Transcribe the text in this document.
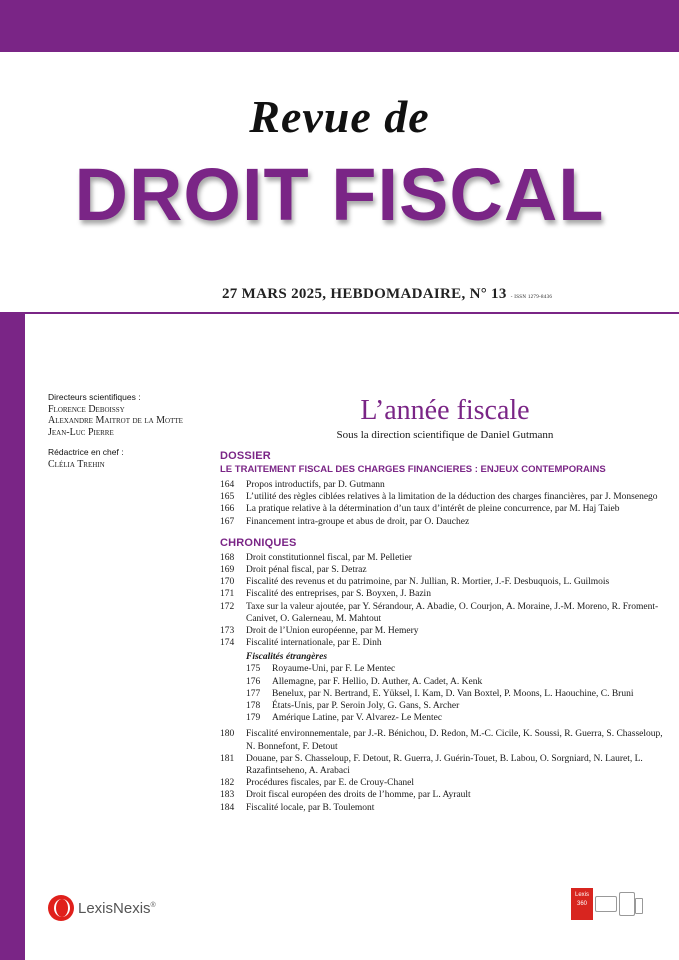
Revue de
DROIT FISCAL
27 MARS 2025, HEBDOMADAIRE, N° 13 - ISSN 1279-8436
Directeurs scientifiques :
Florence Deboissy
Alexandre Maitrot de la Motte
Jean-Luc Pierre
Rédactrice en chef :
Clélia Trehin
L’année fiscale
Sous la direction scientifique de Daniel Gutmann
DOSSIER
LE TRAITEMENT FISCAL DES CHARGES FINANCIERES : ENJEUX CONTEMPORAINS
164	Propos introductifs, par D. Gutmann
165	L’utilité des règles ciblées relatives à la limitation de la déduction des charges financières, par J. Monsenego
166	La pratique relative à la détermination d’un taux d’intérêt de pleine concurrence, par M. Haj Taieb
167	Financement intra-groupe et abus de droit, par O. Dauchez
CHRONIQUES
168	Droit constitutionnel fiscal, par M. Pelletier
169	Droit pénal fiscal, par S. Detraz
170	Fiscalité des revenus et du patrimoine, par N. Jullian, R. Mortier, J.-F. Desbuquois, L. Guilmois
171	Fiscalité des entreprises, par S. Boyxen, J. Bazin
172	Taxe sur la valeur ajoutée, par Y. Sérandour, A. Abadie, O. Courjon, A. Moraine, J.-M. Moreno, R. Froment-Canivet, O. Galerneau, M. Mahtout
173	Droit de l’Union européenne, par M. Hemery
174	Fiscalité internationale, par E. Dinh
Fiscalités étrangères
175	Royaume-Uni, par F. Le Mentec
176	Allemagne, par F. Hellio, D. Auther, A. Cadet, A. Kenk
177	Benelux, par N. Bertrand, E. Yüksel, I. Kam, D. Van Boxtel, P. Moons, L. Haouchine, C. Bruni
178	États-Unis, par P. Seroin Joly, G. Gans, S. Archer
179	Amérique Latine, par V. Alvarez- Le Mentec
180	Fiscalité environnementale, par J.-R. Bénichou, D. Redon, M.-C. Cicile, K. Soussi, R. Guerra, S. Chasseloup, N. Bonnefont, F. Detout
181	Douane, par S. Chasseloup, F. Detout, R. Guerra, J. Guérin-Touet, B. Labou, O. Sorgniard, N. Lauret, L. Razafintseheno, A. Arabaci
182	Procédures fiscales, par E. de Crouy-Chanel
183	Droit fiscal européen des droits de l’homme, par L. Ayrault
184	Fiscalité locale, par B. Toulemont
LexisNexis®
Lexis 360
